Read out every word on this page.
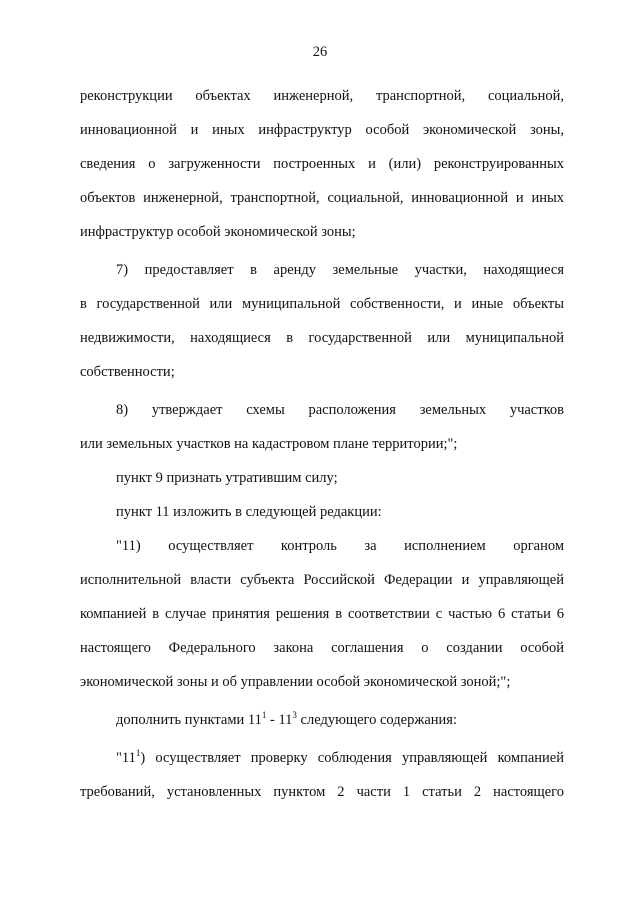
26
реконструкции объектах инженерной, транспортной, социальной,
инновационной и иных инфраструктур особой экономической зоны,
сведения о загруженности построенных и (или) реконструированных
объектов инженерной, транспортной, социальной, инновационной и иных
инфраструктур особой экономической зоны;
7) предоставляет в аренду земельные участки, находящиеся
в государственной или муниципальной собственности, и иные объекты
недвижимости, находящиеся в государственной или муниципальной
собственности;
8) утверждает схемы расположения земельных участков
или земельных участков на кадастровом плане территории;";
пункт 9 признать утратившим силу;
пункт 11 изложить в следующей редакции:
"11) осуществляет контроль за исполнением органом
исполнительной власти субъекта Российской Федерации и управляющей
компанией в случае принятия решения в соответствии с частью 6 статьи 6
настоящего Федерального закона соглашения о создании особой
экономической зоны и об управлении особой экономической зоной;";
дополнить пунктами $11^1 - 11^3$ следующего содержания:
"$11^1$) осуществляет проверку соблюдения управляющей компанией
требований, установленных пунктом 2 части 1 статьи 2 настоящего
